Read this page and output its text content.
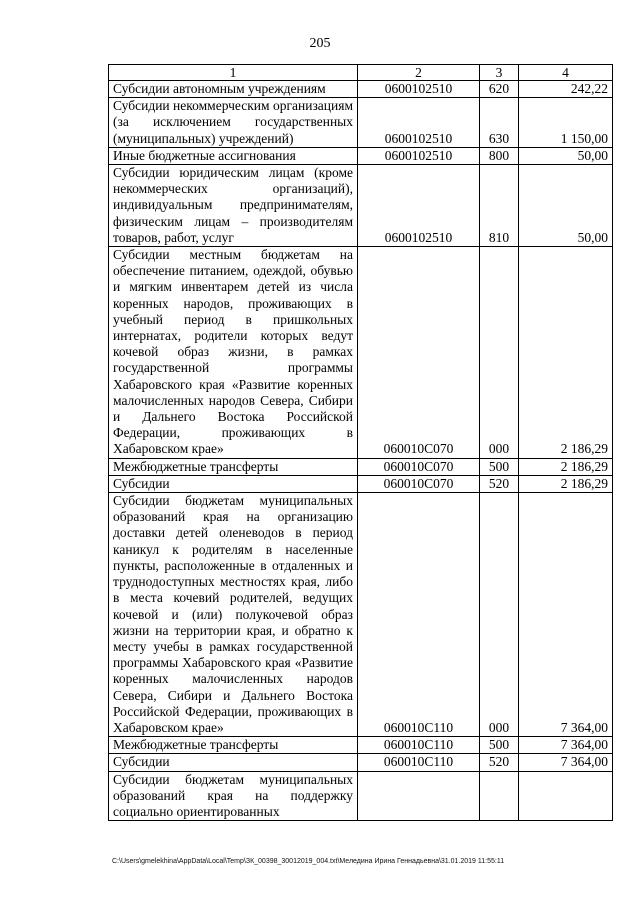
205
1	2	3	4
Субсидии автономным учреждениям	0600102510	620	242,22
Субсидии некоммерческим организациям (за исключением государственных (муниципальных) учреждений)	0600102510	630	1 150,00
Иные бюджетные ассигнования	0600102510	800	50,00
Субсидии юридическим лицам (кроме некоммерческих организаций), индивидуальным предпринимателям, физическим лицам – производителям товаров, работ, услуг	0600102510	810	50,00
Субсидии местным бюджетам на обеспечение питанием, одеждой, обувью и мягким инвентарем детей из числа коренных народов, проживающих в учебный период в пришкольных интернатах, родители которых ведут кочевой образ жизни, в рамках государственной программы Хабаровского края «Развитие коренных малочисленных народов Севера, Сибири и Дальнего Востока Российской Федерации, проживающих в Хабаровском крае»	060010С070	000	2 186,29
Межбюджетные трансферты	060010С070	500	2 186,29
Субсидии	060010С070	520	2 186,29
Субсидии бюджетам муниципальных образований края на организацию доставки детей оленеводов в период каникул к родителям в населенные пункты, расположенные в отдаленных и труднодоступных местностях края, либо в места кочевий родителей, ведущих кочевой и (или) полукочевой образ жизни на территории края, и обратно к месту учебы в рамках государственной программы Хабаровского края «Развитие коренных малочисленных народов Севера, Сибири и Дальнего Востока Российской Федерации, проживающих в Хабаровском крае»	060010С110	000	7 364,00
Межбюджетные трансферты	060010С110	500	7 364,00
Субсидии	060010С110	520	7 364,00
Субсидии бюджетам муниципальных образований края на поддержку социально ориентированных			
C:\Users\gmelekhina\AppData\Local\Temp\ЗК_00398_30012019_004.txt\Меледина Ирина Геннадьевна\31.01.2019 11:55:11
